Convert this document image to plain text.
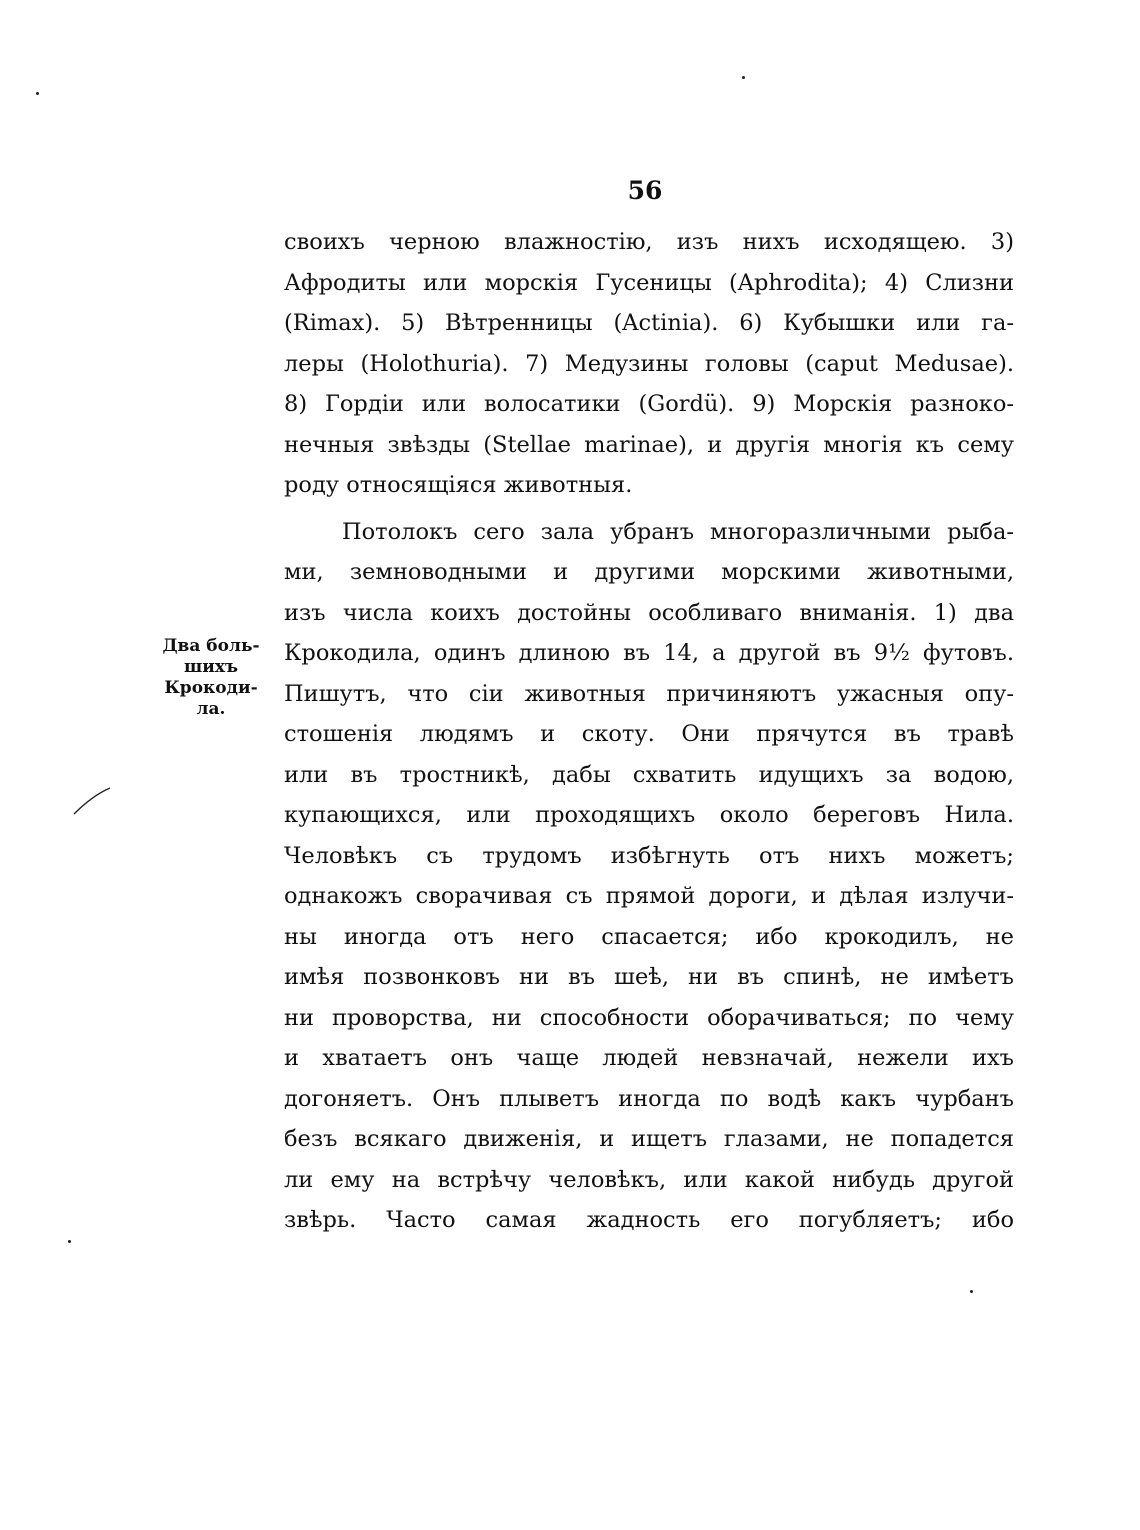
56
своихъ черною влажностiю, изъ нихъ исходящею. 3)
Афродиты или морскiя Гусеницы (Aphrodita); 4) Слизни
(Rimax). 5) Вѣтренницы (Actinia). 6) Кубышки или га-
леры (Holothuria). 7) Медузины головы (caput Medusae).
8) Гордiи или волосатики (Gordü). 9) Морскiя разноко-
нечныя звѣзды (Stellae marinae), и другiя многiя къ сему
роду относящiяся животныя.
Потолокъ сего зала убранъ многоразличными рыба-
ми, земноводными и другими морскими животными,
изъ числа коихъ достойны особливаго вниманiя. 1) два
Крокодила, одинъ длиною въ 14, а другой въ 9½ футовъ.
Пишутъ, что сiи животныя причиняютъ ужасныя опу-
стошенiя людямъ и скоту. Они прячутся въ травѣ
или въ тростникѣ, дабы схватить идущихъ за водою,
купающихся, или проходящихъ около береговъ Нила.
Человѣкъ съ трудомъ избѣгнуть отъ нихъ можетъ;
однакожъ сворачивая съ прямой дороги, и дѣлая излучи-
ны иногда отъ него спасается; ибо крокодилъ, не
имѣя позвонковъ ни въ шеѣ, ни въ спинѣ, не имѣетъ
ни проворства, ни способности оборачиваться; по чему
и хватаетъ онъ чаще людей невзначай, нежели ихъ
догоняетъ. Онъ плыветъ иногда по водѣ какъ чурбанъ
безъ всякаго движенiя, и ищетъ глазами, не попадется
ли ему на встрѣчу человѣкъ, или какой нибудь другой
звѣрь. Часто самая жадность его погубляетъ; ибо
Два боль-
шихъ
Крокоди-
ла.
